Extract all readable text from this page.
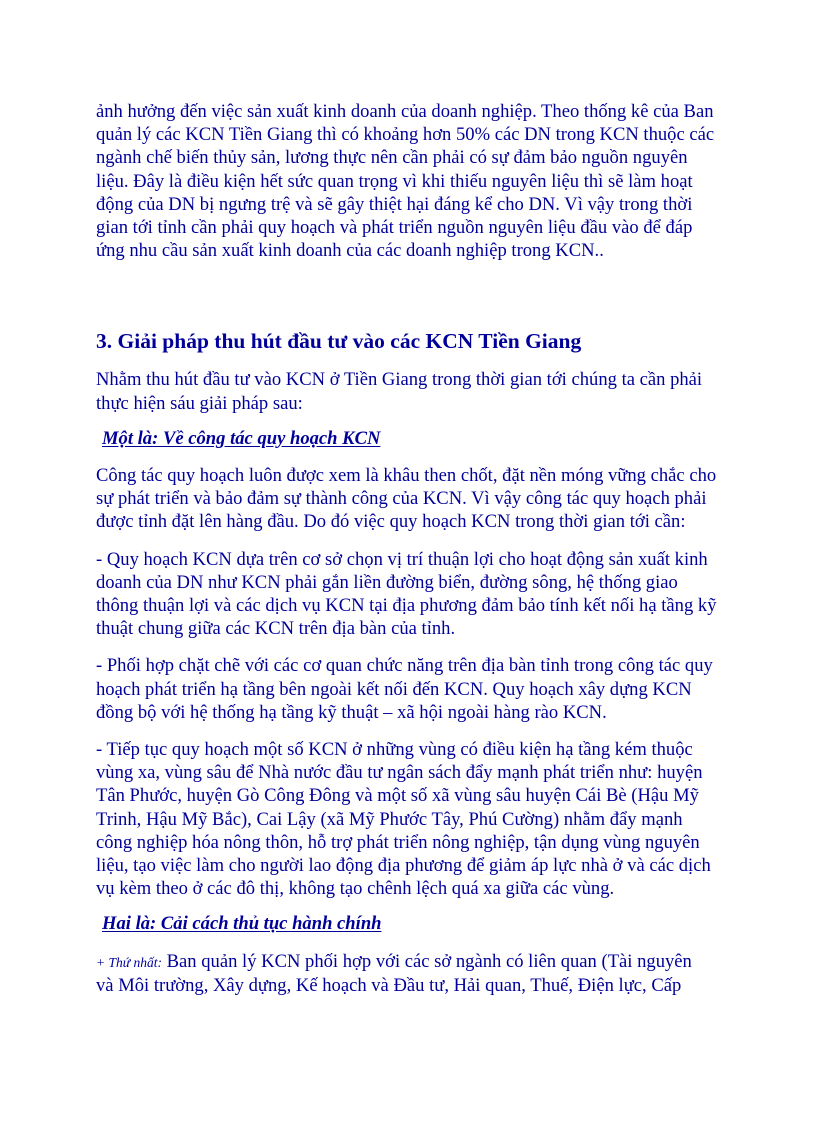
ảnh hưởng đến việc sản xuất kinh doanh của doanh nghiệp. Theo thống kê của Ban
quản lý các KCN Tiền Giang thì có khoảng hơn 50% các DN trong KCN thuộc các
ngành chế biến thủy sản, lương thực nên cần phải có sự đảm bảo nguồn nguyên
liệu. Đây là điều kiện hết sức quan trọng vì khi thiếu nguyên liệu thì sẽ làm hoạt
động của DN bị ngưng trệ và sẽ gây thiệt hại đáng kể cho DN. Vì vậy trong thời
gian tới tỉnh cần phải quy hoạch và phát triển nguồn nguyên liệu đầu vào để đáp
ứng nhu cầu sản xuất kinh doanh của các doanh nghiệp trong KCN..

3. Giải pháp thu hút đầu tư vào các KCN Tiền Giang

Nhằm thu hút đầu tư vào KCN ở Tiền Giang trong thời gian tới chúng ta cần phải
thực hiện sáu giải pháp sau:

Một là: Về công tác quy hoạch KCN

Công tác quy hoạch luôn được xem là khâu then chốt, đặt nền móng vững chắc cho
sự phát triển và bảo đảm sự thành công của KCN. Vì vậy công tác quy hoạch phải
được tỉnh đặt lên hàng đầu. Do đó việc quy hoạch KCN trong thời gian tới cần:

- Quy hoạch KCN dựa trên cơ sở chọn vị trí thuận lợi cho hoạt động sản xuất kinh
doanh của DN như KCN phải gắn liền đường biển, đường sông, hệ thống giao
thông thuận lợi và các dịch vụ KCN tại địa phương đảm bảo tính kết nối hạ tầng kỹ
thuật chung giữa các KCN trên địa bàn của tỉnh.

- Phối hợp chặt chẽ với các cơ quan chức năng trên địa bàn tỉnh trong công tác quy
hoạch phát triển hạ tầng bên ngoài kết nối đến KCN. Quy hoạch xây dựng KCN
đồng bộ với hệ thống hạ tầng kỹ thuật – xã hội ngoài hàng rào KCN.

- Tiếp tục quy hoạch một số KCN ở những vùng có điều kiện hạ tầng kém thuộc
vùng xa, vùng sâu để Nhà nước đầu tư ngân sách đẩy mạnh phát triển như: huyện
Tân Phước, huyện Gò Công Đông và một số xã vùng sâu huyện Cái Bè (Hậu Mỹ
Trinh, Hậu Mỹ Bắc), Cai Lậy (xã Mỹ Phước Tây, Phú Cường) nhằm đẩy mạnh
công nghiệp hóa nông thôn, hỗ trợ phát triển nông nghiệp, tận dụng vùng nguyên
liệu, tạo việc làm cho người lao động địa phương để giảm áp lực nhà ở và các dịch
vụ kèm theo ở các đô thị, không tạo chênh lệch quá xa giữa các vùng.

Hai là: Cải cách thủ tục hành chính

+ Thứ nhất: Ban quản lý KCN phối hợp với các sở ngành có liên quan (Tài nguyên
và Môi trường, Xây dựng, Kế hoạch và Đầu tư, Hải quan, Thuế, Điện lực, Cấp
